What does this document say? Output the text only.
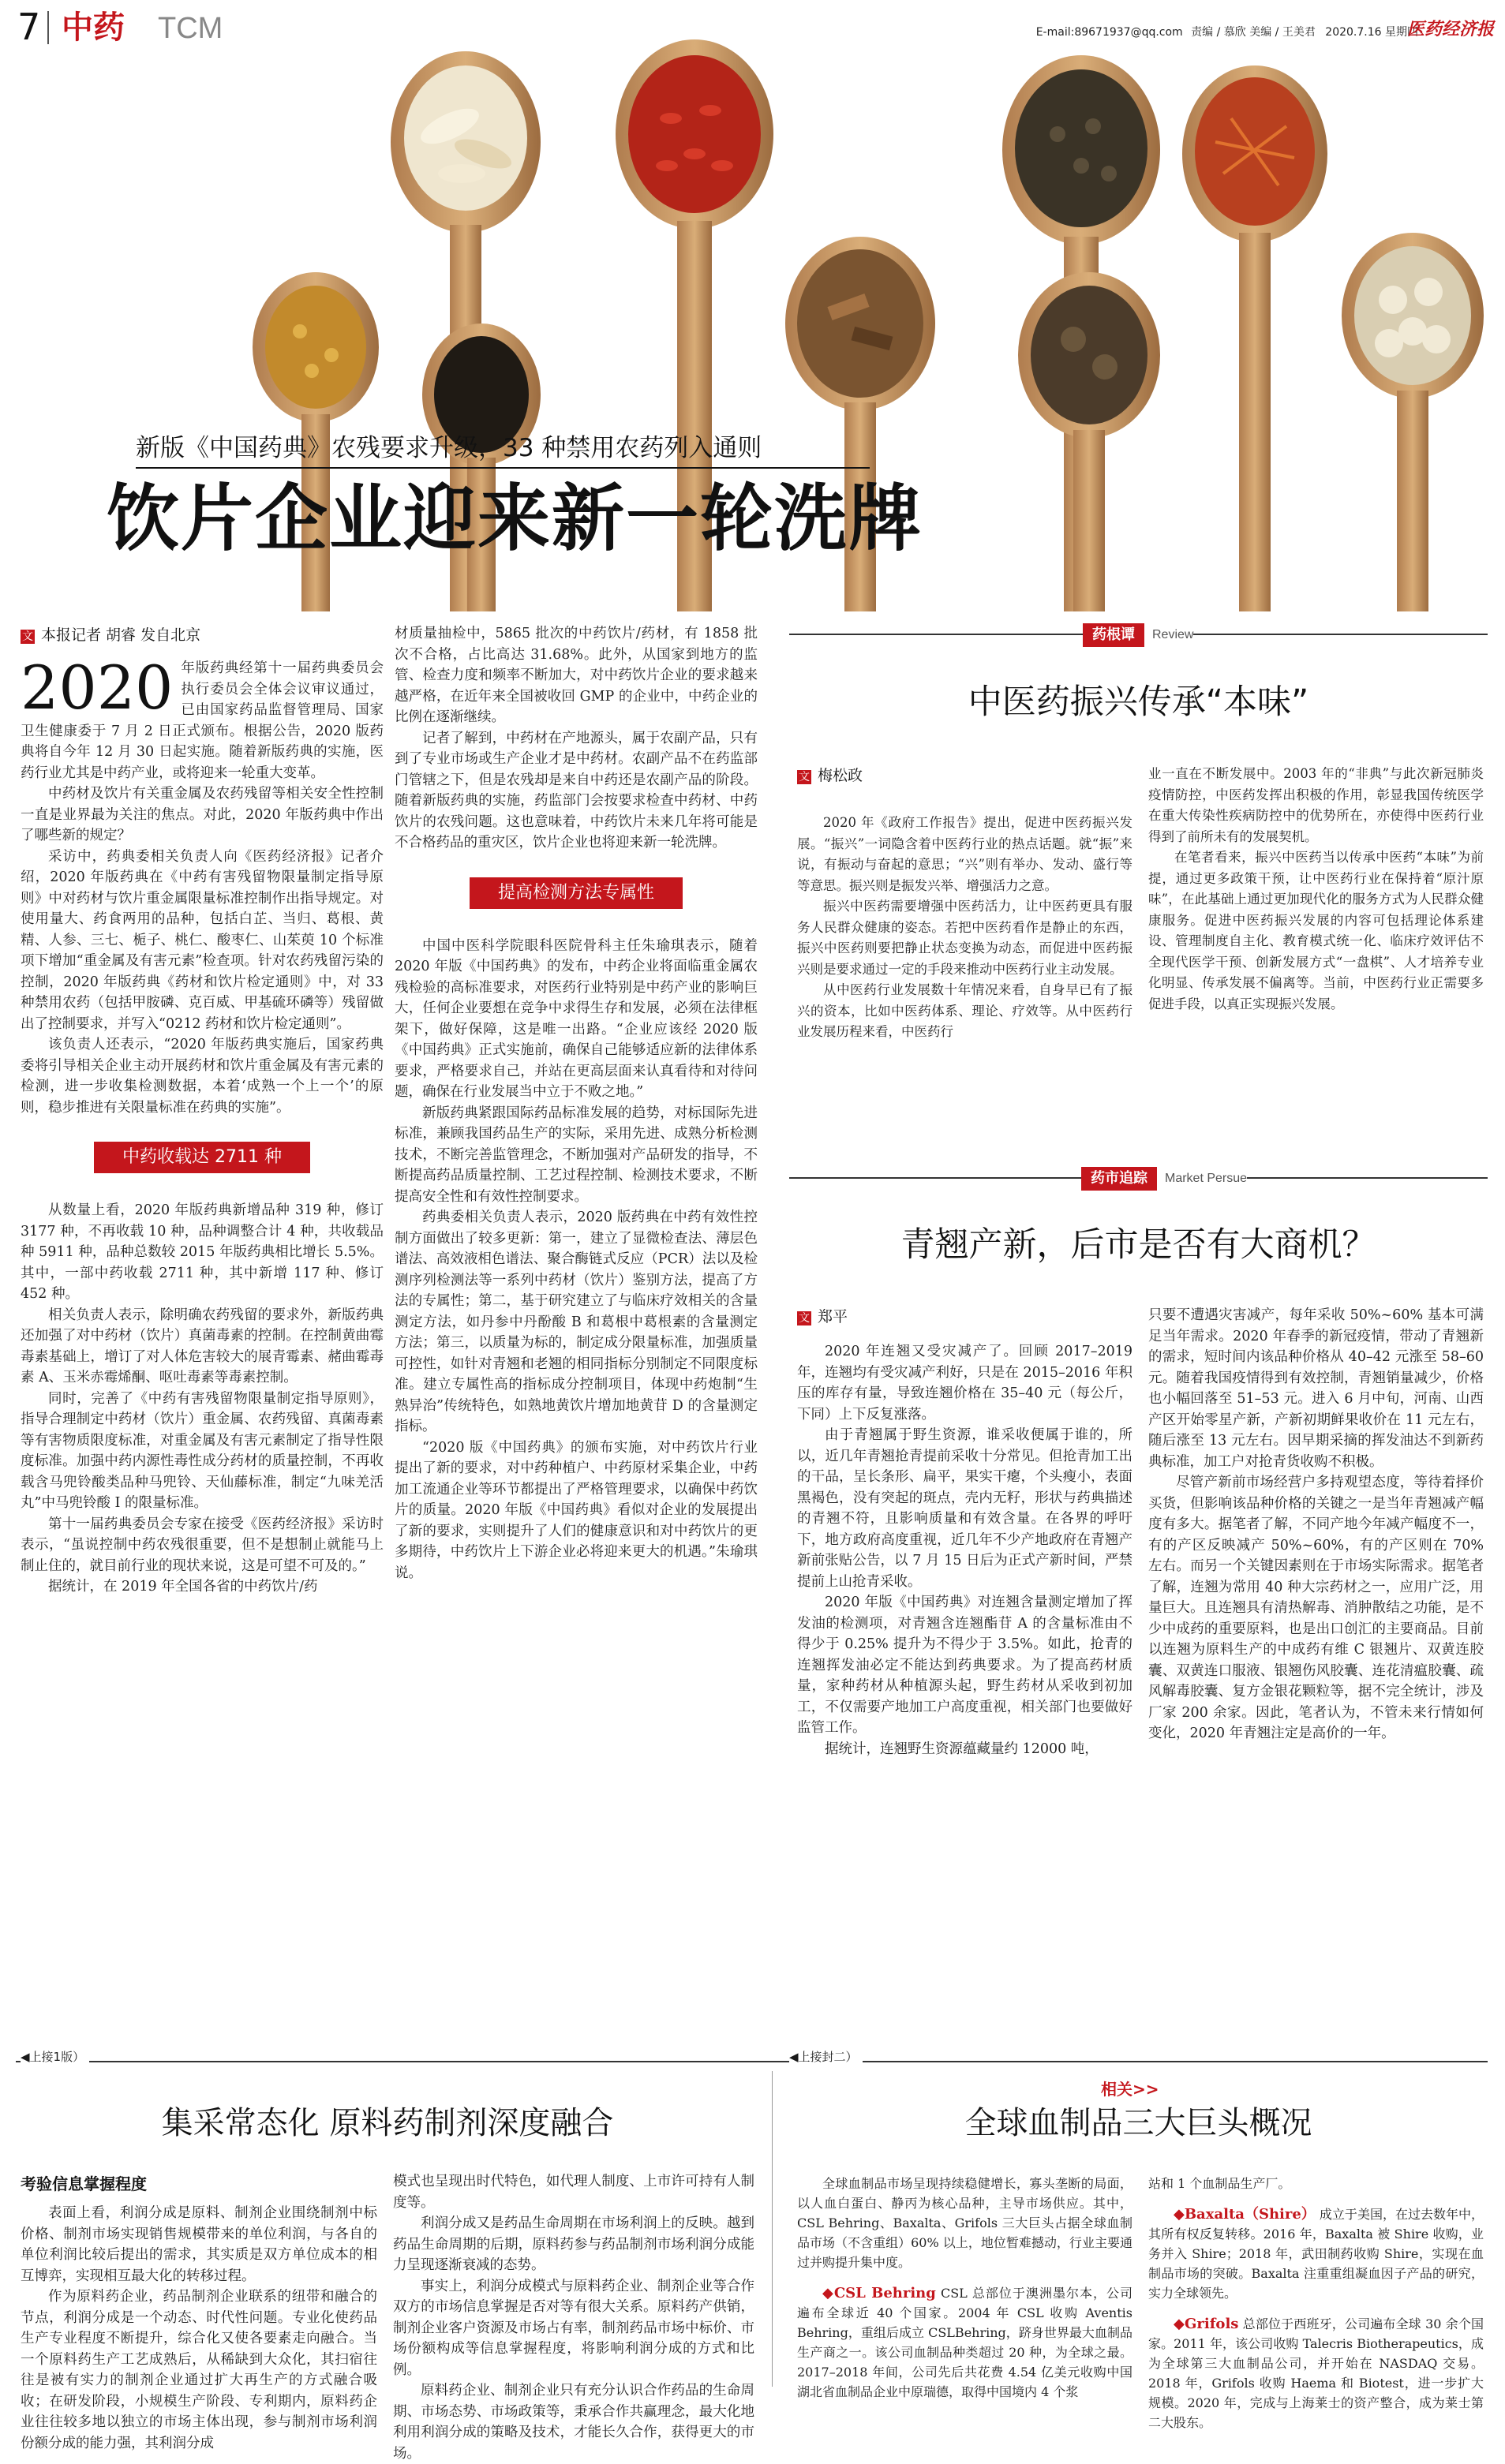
7 中药 TCM	E-mail:89671937@qq.com 责编 / 慕欣 美编 / 王美君 2020.7.16 星期四
医药经济报
新版《中国药典》农残要求升级，33 种禁用农药列入通则
饮片企业迎来新一轮洗牌
文 本报记者 胡睿 发自北京
2020 年版药典经第十一届药典委员会执行委员会全体会议审议通过，已由国家药品监督管理局、国家卫生健康委于 7 月 2 日正式颁布。根据公告，2020 版药典将自今年 12 月 30 日起实施。随着新版药典的实施，医药行业尤其是中药产业，或将迎来一轮重大变革。

中药材及饮片有关重金属及农药残留等相关安全性控制一直是业界最为关注的焦点。对此，2020 年版药典中作出了哪些新的规定？

采访中，药典委相关负责人向《医药经济报》记者介绍，2020 年版药典在《中药有害残留物限量制定指导原则》中对药材与饮片重金属限量标准控制作出指导规定。对使用量大、药食两用的品种，包括白芷、当归、葛根、黄精、人参、三七、栀子、桃仁、酸枣仁、山茱萸 10 个标准项下增加“重金属及有害元素”检查项。针对农药残留污染的控制，2020 年版药典《药材和饮片检定通则》中，对 33 种禁用农药（包括甲胺磷、克百威、甲基硫环磷等）残留做出了控制要求，并写入“0212 药材和饮片检定通则”。

该负责人还表示，“2020 年版药典实施后，国家药典委将引导相关企业主动开展药材和饮片重金属及有害元素的检测，进一步收集检测数据，本着‘成熟一个上一个’的原则，稳步推进有关限量标准在药典的实施”。

中药收载达 2711 种

从数量上看，2020 年版药典新增品种 319 种，修订 3177 种，不再收载 10 种，品种调整合计 4 种，共收载品种 5911 种，品种总数较 2015 年版药典相比增长 5.5%。其中，一部中药收载 2711 种，其中新增 117 种、修订 452 种。

相关负责人表示，除明确农药残留的要求外，新版药典还加强了对中药材（饮片）真菌毒素的控制。在控制黄曲霉毒素基础上，增订了对人体危害较大的展青霉素、赭曲霉毒素 A、玉米赤霉烯酮、呕吐毒素等毒素控制。

同时，完善了《中药有害残留物限量制定指导原则》，指导合理制定中药材（饮片）重金属、农药残留、真菌毒素等有害物质限度标准，对重金属及有害元素制定了指导性限度标准。加强中药内源性毒性成分药材的质量控制，不再收载含马兜铃酸类品种马兜铃、天仙藤标准，制定“九味羌活丸”中马兜铃酸 I 的限量标准。

第十一届药典委员会专家在接受《医药经济报》采访时表示，“虽说控制中药农残很重要，但不是想制止就能马上制止住的，就目前行业的现状来说，这是可望不可及的。”

据统计，在 2019 年全国各省的中药饮片/药

材质量抽检中，5865 批次的中药饮片/药材，有 1858 批次不合格，占比高达 31.68%。此外，从国家到地方的监管、检查力度和频率不断加大，对中药饮片企业的要求越来越严格，在近年来全国被收回 GMP 的企业中，中药企业的比例在逐渐继续。

记者了解到，中药材在产地源头，属于农副产品，只有到了专业市场或生产企业才是中药材。农副产品不在药监部门管辖之下，但是农残却是来自中药还是农副产品的阶段。随着新版药典的实施，药监部门会按要求检查中药材、中药饮片的农残问题。这也意味着，中药饮片未来几年将可能是不合格药品的重灾区，饮片企业也将迎来新一轮洗牌。

提高检测方法专属性

中国中医科学院眼科医院骨科主任朱瑜琪表示，随着 2020 年版《中国药典》的发布，中药企业将面临重金属农残检验的高标准要求，对医药行业特别是中药产业的影响巨大，任何企业要想在竞争中求得生存和发展，必须在法律框架下，做好保障，这是唯一出路。“企业应该经 2020 版《中国药典》正式实施前，确保自己能够适应新的法律体系要求，严格要求自己，并站在更高层面来认真看待和对待问题，确保在行业发展当中立于不败之地。”

新版药典紧跟国际药品标准发展的趋势，对标国际先进标准，兼顾我国药品生产的实际，采用先进、成熟分析检测技术，不断完善监管理念，不断加强对产品研发的指导，不断提高药品质量控制、工艺过程控制、检测技术要求，不断提高安全性和有效性控制要求。

药典委相关负责人表示，2020 版药典在中药有效性控制方面做出了较多更新：第一，建立了显微检查法、薄层色谱法、高效液相色谱法、聚合酶链式反应（PCR）法以及检测序列检测法等一系列中药材（饮片）鉴别方法，提高了方法的专属性；第二，基于研究建立了与临床疗效相关的含量测定方法，如丹参中丹酚酸 B 和葛根中葛根素的含量测定方法；第三，以质量为标的，制定成分限量标准，加强质量可控性，如针对青翘和老翘的相同指标分别制定不同限度标准。建立专属性高的指标成分控制项目，体现中药炮制“生熟异治”传统特色，如熟地黄饮片增加地黄苷 D 的含量测定指标。

“2020 版《中国药典》的颁布实施，对中药饮片行业提出了新的要求，对中药种植户、中药原材采集企业，中药加工流通企业等环节都提出了严格管理要求，以确保中药饮片的质量。2020 年版《中国药典》看似对企业的发展提出了新的要求，实则提升了人们的健康意识和对中药饮片的更多期待，中药饮片上下游企业必将迎来更大的机遇。”朱瑜琪说。

药根谭	Review
中医药振兴传承“本味”
文 梅松政

2020 年《政府工作报告》提出，促进中医药振兴发展。“振兴”一词隐含着中医药行业的热点话题。就“振”来说，有振动与奋起的意思；“兴”则有举办、发动、盛行等等意思。振兴则是振发兴举、增强活力之意。

振兴中医药需要增强中医药活力，让中医药更具有服务人民群众健康的姿态。若把中医药看作是静止的东西，振兴中医药则要把静止状态变换为动态，而促进中医药振兴则是要求通过一定的手段来推动中医药行业主动发展。

从中医药行业发展数十年情况来看，自身早已有了振兴的资本，比如中医药体系、理论、疗效等。从中医药行业发展历程来看，中医药行

业一直在不断发展中。2003 年的“非典”与此次新冠肺炎疫情防控，中医药发挥出积极的作用，彰显我国传统医学在重大传染性疾病防控中的优势所在，亦使得中医药行业得到了前所未有的发展契机。

在笔者看来，振兴中医药当以传承中医药“本味”为前提，通过更多政策干预，让中医药行业在保持着“原汁原味”，在此基础上通过更加现代化的服务方式为人民群众健康服务。促进中医药振兴发展的内容可包括理论体系建设、管理制度自主化、教育模式统一化、临床疗效评估不全现代医学干预、创新发展方式“一盘棋”、人才培养专业化明显、传承发展不偏离等。当前，中医药行业正需要多促进手段，以真正实现振兴发展。

药市追踪	Market Persue
青翘产新，后市是否有大商机？
文 郑平

2020 年连翘又受灾减产了。回顾 2017–2019 年，连翘均有受灾减产利好，只是在 2015–2016 年积压的库存有量，导致连翘价格在 35–40 元（每公斤，下同）上下反复涨落。

由于青翘属于野生资源，谁采收便属于谁的，所以，近几年青翘抢青提前采收十分常见。但抢青加工出的干品，呈长条形、扁平，果实干瘪，个头瘦小，表面黑褐色，没有突起的斑点，壳内无籽，形状与药典描述的青翘不符，且影响质量和有效含量。在各界的呼吁下，地方政府高度重视，近几年不少产地政府在青翘产新前张贴公告，以 7 月 15 日后为正式产新时间，严禁提前上山抢青采收。

2020 年版《中国药典》对连翘含量测定增加了挥发油的检测项，对青翘含连翘酯苷 A 的含量标准由不得少于 0.25% 提升为不得少于 3.5%。如此，抢青的连翘挥发油必定不能达到药典要求。为了提高药材质量，家种药材从种植源头起，野生药材从采收到初加工，不仅需要产地加工户高度重视，相关部门也要做好监管工作。

据统计，连翘野生资源蕴藏量约 12000 吨，

只要不遭遇灾害减产，每年采收 50%~60% 基本可满足当年需求。2020 年春季的新冠疫情，带动了青翘新的需求，短时间内该品种价格从 40–42 元涨至 58–60 元。随着我国疫情得到有效控制，青翘销量减少，价格也小幅回落至 51–53 元。进入 6 月中旬，河南、山西产区开始零星产新，产新初期鲜果收价在 11 元左右，随后涨至 13 元左右。因早期采摘的挥发油达不到新药典标准，加工户对抢青货收购不积极。

尽管产新前市场经营户多持观望态度，等待着择价买货，但影响该品种价格的关键之一是当年青翘减产幅度有多大。据笔者了解，不同产地今年减产幅度不一，有的产区反映减产 50%~60%，有的产区则在 70% 左右。而另一个关键因素则在于市场实际需求。据笔者了解，连翘为常用 40 种大宗药材之一，应用广泛，用量巨大。且连翘具有清热解毒、消肿散结之功能，是不少中成药的重要原料，也是出口创汇的主要商品。目前以连翘为原料生产的中成药有维 C 银翘片、双黄连胶囊、双黄连口服液、银翘伤风胶囊、连花清瘟胶囊、疏风解毒胶囊、复方金银花颗粒等，据不完全统计，涉及厂家 200 余家。因此，笔者认为，不管未来行情如何变化，2020 年青翘注定是高价的一年。

◀上接1版）
集采常态化 原料药制剂深度融合
考验信息掌握程度

表面上看，利润分成是原料、制剂企业围绕制剂中标价格、制剂市场实现销售规模带来的单位利润，与各自的单位利润比较后提出的需求，其实质是双方单位成本的相互博弈，实现相互最大化的转移过程。

作为原料药企业，药品制剂企业联系的纽带和融合的节点，利润分成是一个动态、时代性问题。专业化使药品生产专业程度不断提升，综合化又使各要素走向融合。当一个原料药生产工艺成熟后，从稀缺到大众化，其扫宿往往是被有实力的制剂企业通过扩大再生产的方式融合吸收；在研发阶段，小规模生产阶段、专利期内，原料药企业往往较多地以独立的市场主体出现，参与制剂市场利润份额分成的能力强，其利润分成

模式也呈现出时代特色，如代理人制度、上市许可持有人制度等。

利润分成又是药品生命周期在市场利润上的反映。越到药品生命周期的后期，原料药参与药品制剂市场利润分成能力呈现逐渐衰减的态势。

事实上，利润分成模式与原料药企业、制剂企业等合作双方的市场信息掌握是否对等有很大关系。原料药产供销，制剂企业客户资源及市场占有率，制剂药品市场中标价、市场份额构成等信息掌握程度，将影响利润分成的方式和比例。

原料药企业、制剂企业只有充分认识合作药品的生命周期、市场态势、市场政策等，秉承合作共赢理念，最大化地利用利润分成的策略及技术，才能长久合作，获得更大的市场。

◀上接封二）
相关>>
全球血制品三大巨头概况

全球血制品市场呈现持续稳健增长，寡头垄断的局面，以人血白蛋白、静丙为核心品种，主导市场供应。其中，CSL Behring、Baxalta、Grifols 三大巨头占据全球血制品市场（不含重组）60% 以上，地位暂难撼动，行业主要通过并购提升集中度。

◆CSL Behring CSL 总部位于澳洲墨尔本，公司遍布全球近 40 个国家。2004 年 CSL 收购 Aventis Behring，重组后成立 CSLBehring，跻身世界最大血制品生产商之一。该公司血制品种类超过 20 种，为全球之最。2017–2018 年间，公司先后共花费 4.54 亿美元收购中国湖北省血制品企业中原瑞德，取得中国境内 4 个浆

站和 1 个血制品生产厂。

◆Baxalta（Shire） 成立于美国，在过去数年中，其所有权反复转移。2016 年，Baxalta 被 Shire 收购，业务并入 Shire；2018 年，武田制药收购 Shire，实现在血制品市场的突破。Baxalta 注重重组凝血因子产品的研究，实力全球领先。

◆Grifols 总部位于西班牙，公司遍布全球 30 余个国家。2011 年，该公司收购 Talecris Biotherapeutics，成为全球第三大血制品公司，并开始在 NASDAQ 交易。2018 年，Grifols 收购 Haema 和 Biotest，进一步扩大规模。2020 年，完成与上海莱士的资产整合，成为莱士第二大股东。
